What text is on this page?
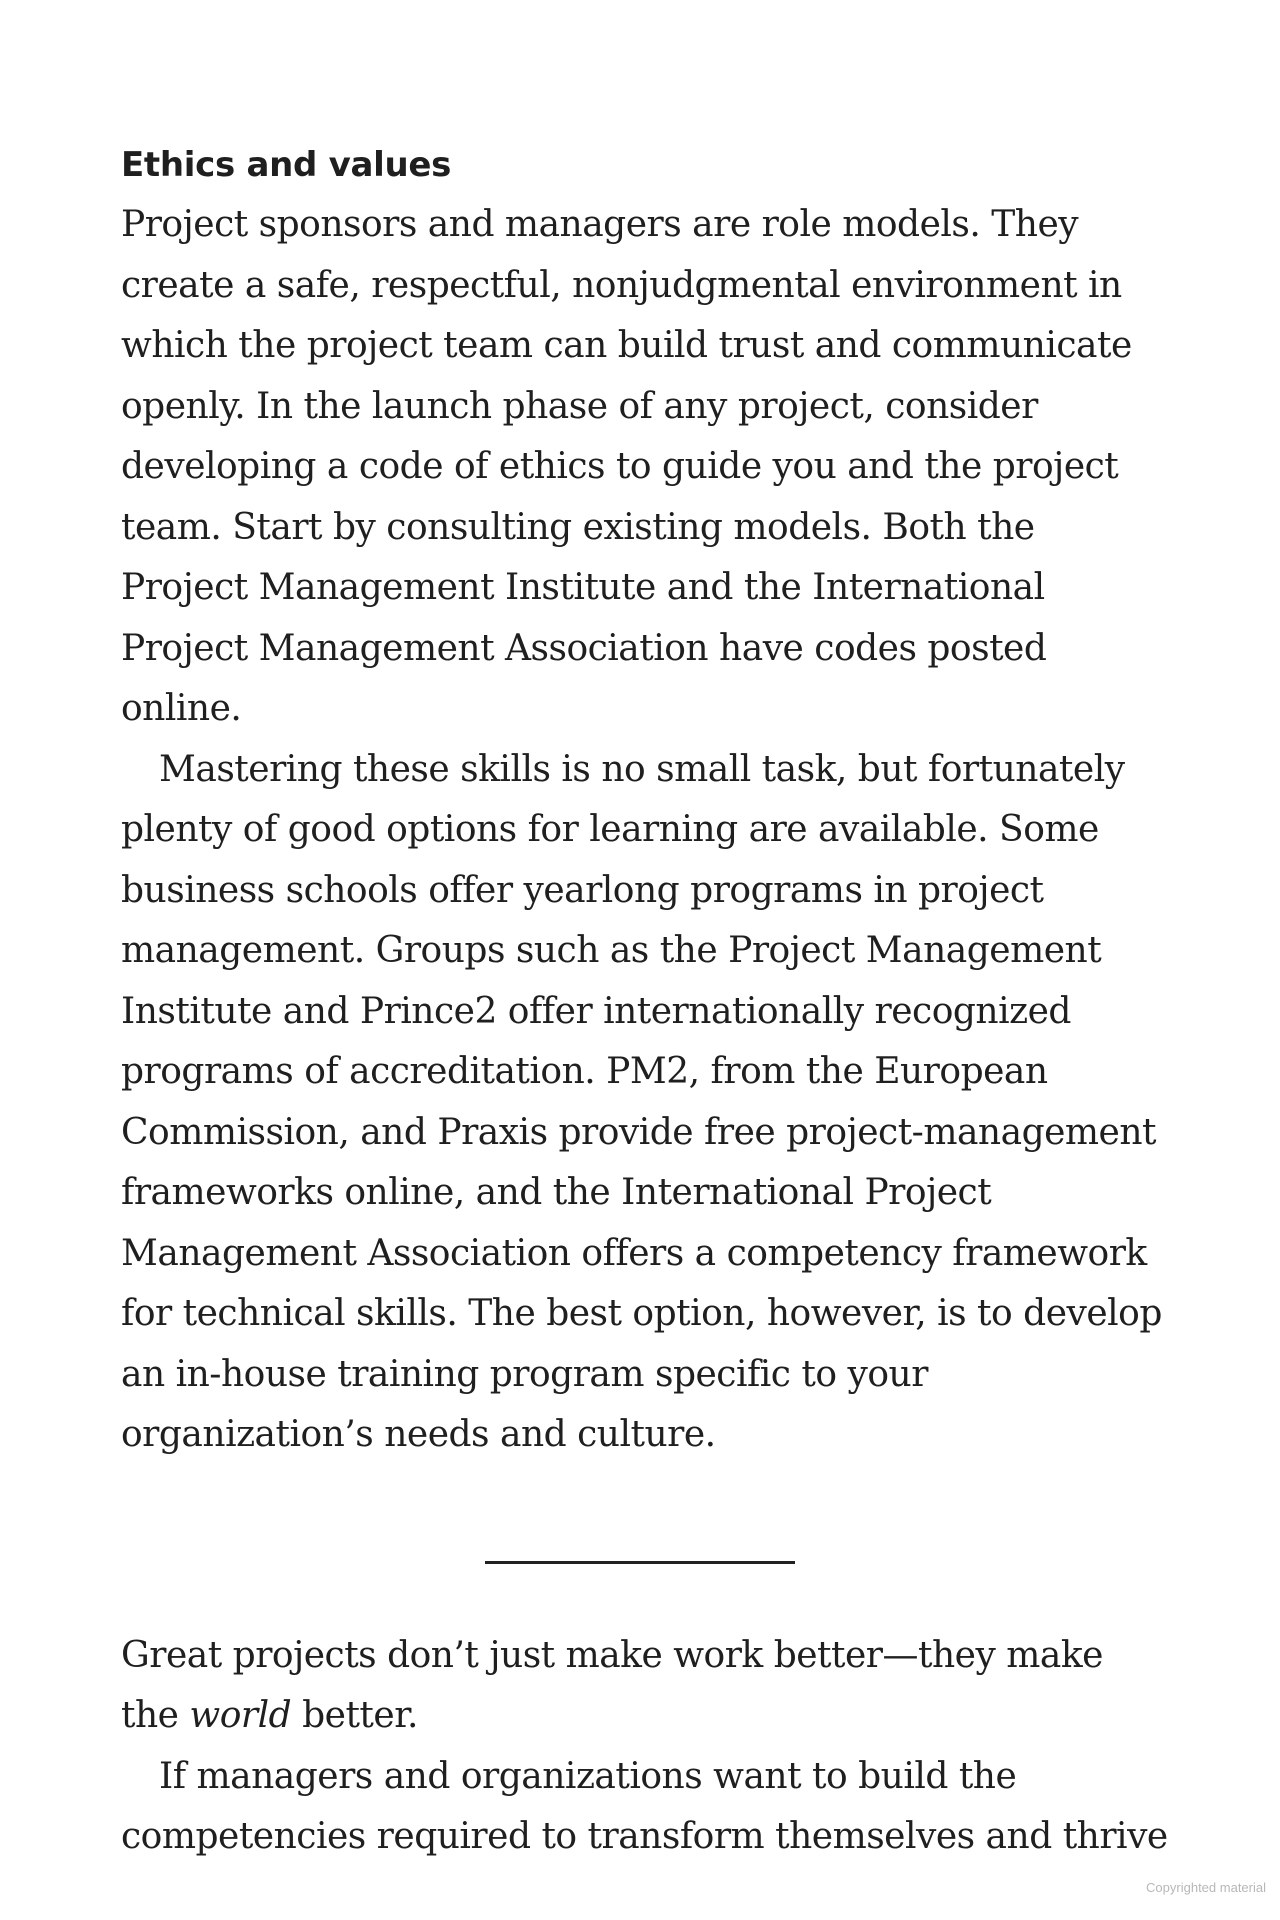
Ethics and values

Project sponsors and managers are role models. They create a safe, respectful, nonjudgmental environment in which the project team can build trust and communicate openly. In the launch phase of any project, consider developing a code of ethics to guide you and the project team. Start by consulting existing models. Both the Project Management Institute and the International Project Management Association have codes posted online.

Mastering these skills is no small task, but fortunately plenty of good options for learning are available. Some business schools offer yearlong programs in project management. Groups such as the Project Management Institute and Prince2 offer internationally recognized programs of accreditation. PM2, from the European Commission, and Praxis provide free project-management frameworks online, and the International Project Management Association offers a competency framework for technical skills. The best option, however, is to develop an in-house training program specific to your organization’s needs and culture.

Great projects don’t just make work better—they make the world better.

If managers and organizations want to build the competencies required to transform themselves and thrive

Copyrighted material
